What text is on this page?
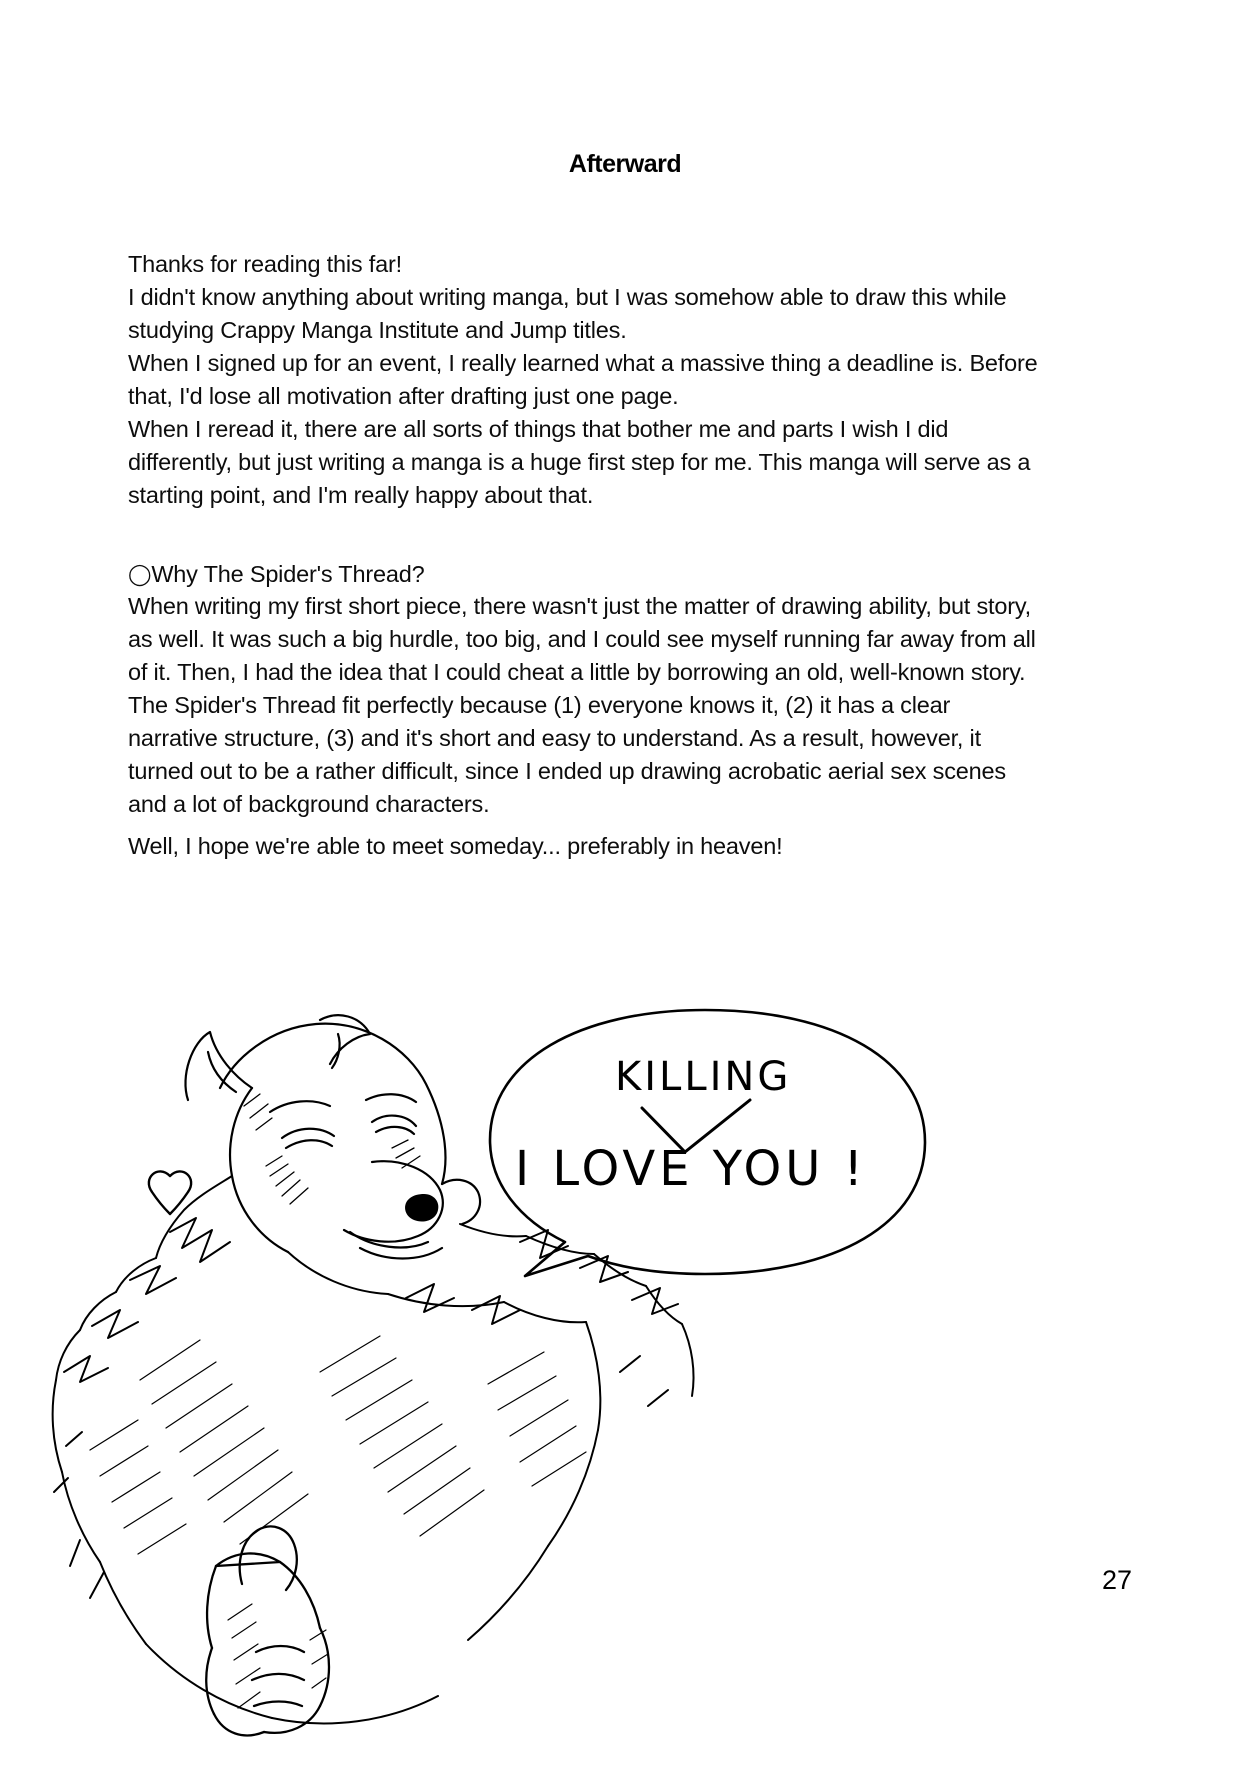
Afterward

Thanks for reading this far!

I didn't know anything about writing manga, but I was somehow able to draw this while studying Crappy Manga Institute and Jump titles.

When I signed up for an event, I really learned what a massive thing a deadline is. Before that, I'd lose all motivation after drafting just one page.

When I reread it, there are all sorts of things that bother me and parts I wish I did differently, but just writing a manga is a huge first step for me. This manga will serve as a starting point, and I'm really happy about that.

◯Why The Spider's Thread?

When writing my first short piece, there wasn't just the matter of drawing ability, but story, as well. It was such a big hurdle, too big, and I could see myself running far away from all of it. Then, I had the idea that I could cheat a little by borrowing an old, well-known story. The Spider's Thread fit perfectly because (1) everyone knows it, (2) it has a clear narrative structure, (3) and it's short and easy to understand. As a result, however, it turned out to be a rather difficult, since I ended up drawing acrobatic aerial sex scenes and a lot of background characters.

Well, I hope we're able to meet someday... preferably in heaven!

KILLING
I LOVE YOU !
27
